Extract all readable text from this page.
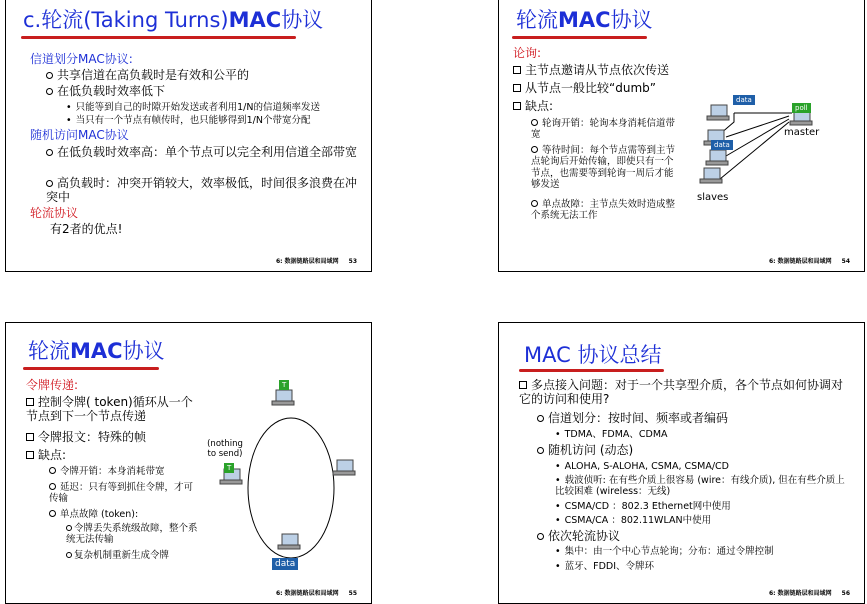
c.轮流(Taking Turns)MAC协议
信道划分MAC协议:
共享信道在高负载时是有效和公平的
在低负载时效率低下
• 只能等到自己的时隙开始发送或者利用1/N的信道频率发送
• 当只有一个节点有帧传时，也只能够得到1/N个带宽分配
随机访问MAC协议
在低负载时效率高：单个节点可以完全利用信道全部带宽
高负载时：冲突开销较大，效率极低，时间很多浪费在冲突中
轮流协议
有2者的优点!
6: 数据链路层和局域网 53
轮流MAC协议
论询:
主节点邀请从节点依次传送
从节点一般比较“dumb”
缺点:
轮询开销：轮询本身消耗信道带宽
等待时间：每个节点需等到主节点轮询后开始传输，即使只有一个节点，也需要等到轮询一周后才能够发送
单点故障：主节点失效时造成整个系统无法工作
data
data
poll
master
slaves
6: 数据链路层和局域网 54
轮流MAC协议
令牌传递:
控制令牌( token)循环从一个节点到下一个节点传递
令牌报文：特殊的帧
缺点:
令牌开销：本身消耗带宽
延迟：只有等到抓住令牌，才可传输
单点故障 (token):
令牌丢失系统级故障，整个系统无法传输
复杂机制重新生成令牌
T
T
(nothing to send)
data
6: 数据链路层和局域网 55
MAC 协议总结
多点接入问题：对于一个共享型介质，各个节点如何协调对它的访问和使用?
信道划分：按时间、频率或者编码
• TDMA、FDMA、CDMA
随机访问 (动态)
• ALOHA, S-ALOHA, CSMA, CSMA/CD
• 载波侦听: 在有些介质上很容易 (wire：有线介质), 但在有些介质上比较困难 (wireless：无线)
• CSMA/CD ：802.3 Ethernet网中使用
• CSMA/CA ：802.11WLAN中使用
依次轮流协议
• 集中：由一个中心节点轮询；分布：通过令牌控制
• 蓝牙、FDDI、令牌环
6: 数据链路层和局域网 56
